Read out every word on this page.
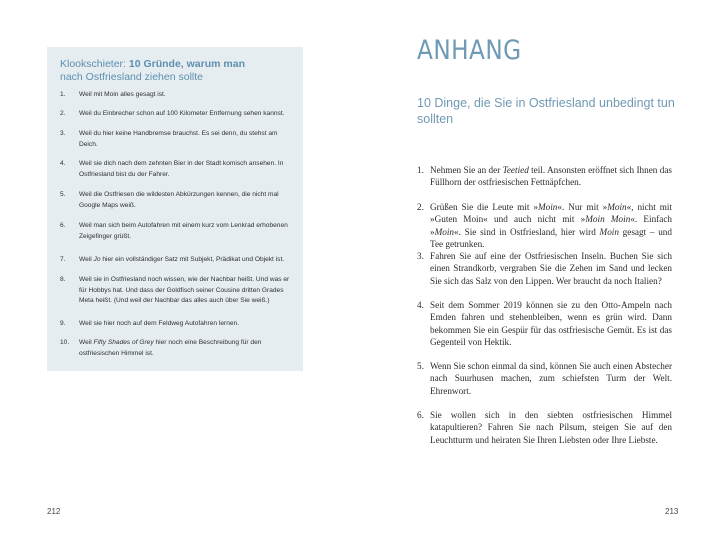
Klookschieter: 10 Gründe, warum man
nach Ostfriesland ziehen sollte
1. Weil mit Moin alles gesagt ist.
2. Weil du Einbrecher schon auf 100 Kilometer Entfernung sehen kannst.
3. Weil du hier keine Handbremse brauchst. Es sei denn, du stehst am Deich.
4. Weil sie dich nach dem zehnten Bier in der Stadt komisch ansehen. In Ostfriesland bist du der Fahrer.
5. Weil die Ostfriesen die wildesten Abkürzungen kennen, die nicht mal Google Maps weiß.
6. Weil man sich beim Autofahren mit einem kurz vom Lenkrad erhobenen Zeigefinger grüßt.
7. Weil Jo hier ein vollständiger Satz mit Subjekt, Prädikat und Objekt ist.
8. Weil sie in Ostfriesland noch wissen, wie der Nachbar heißt. Und was er für Hobbys hat. Und dass der Goldfisch seiner Cousine dritten Grades Meta heißt. (Und weil der Nachbar das alles auch über Sie weiß.)
9. Weil sie hier noch auf dem Feldweg Autofahren lernen.
10. Weil Fifty Shades of Grey hier noch eine Beschreibung für den ostfriesischen Himmel ist.
212
ANHANG
10 Dinge, die Sie in Ostfriesland unbedingt tun sollten
1. Nehmen Sie an der Teetied teil. Ansonsten eröffnet sich Ihnen das Füllhorn der ostfriesischen Fettnäpfchen.
2. Grüßen Sie die Leute mit »Moin«. Nur mit »Moin«, nicht mit »Guten Moin« und auch nicht mit »Moin Moin«. Einfach »Moin«. Sie sind in Ostfriesland, hier wird Moin gesagt – und Tee getrunken.
3. Fahren Sie auf eine der Ostfriesischen Inseln. Buchen Sie sich einen Strandkorb, vergraben Sie die Zehen im Sand und lecken Sie sich das Salz von den Lippen. Wer braucht da noch Italien?
4. Seit dem Sommer 2019 können sie zu den Otto-Ampeln nach Emden fahren und stehenbleiben, wenn es grün wird. Dann bekommen Sie ein Gespür für das ostfriesische Gemüt. Es ist das Gegenteil von Hektik.
5. Wenn Sie schon einmal da sind, können Sie auch einen Abstecher nach Suurhusen machen, zum schiefsten Turm der Welt. Ehrenwort.
6. Sie wollen sich in den siebten ostfriesischen Himmel katapultieren? Fahren Sie nach Pilsum, steigen Sie auf den Leuchtturm und heiraten Sie Ihren Liebsten oder Ihre Liebste.
213
